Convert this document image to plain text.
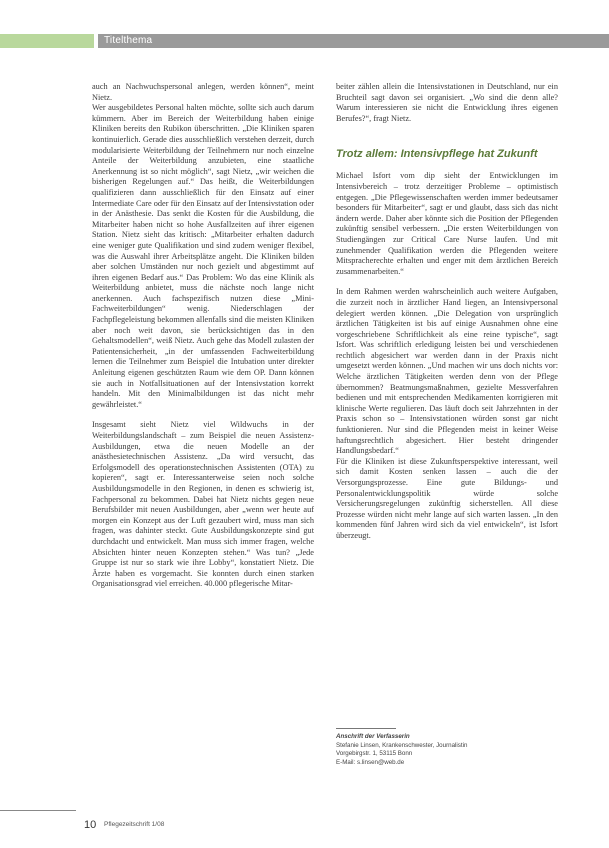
Titelthema

auch an Nachwuchspersonal anlegen, werden können“, meint Nietz.

Wer ausgebildetes Personal halten möchte, sollte sich auch darum kümmern. Aber im Bereich der Weiterbildung haben einige Kliniken bereits den Rubikon überschritten. „Die Kliniken sparen kontinuierlich. Gerade dies ausschließlich verstehen derzeit, durch modularisierte Weiterbildung der Teilnehmern nur noch einzelne Anteile der Weiterbildung anzubieten, eine staatliche Anerkennung ist so nicht möglich“, sagt Nietz, „wir weichen die bisherigen Regelungen auf.“ Das heißt, die Weiterbildungen qualifizieren dann ausschließlich für den Einsatz auf einer Intermediate Care oder für den Einsatz auf der Intensivstation oder in der Anästhesie. Das senkt die Kosten für die Ausbildung, die Mitarbeiter haben nicht so hohe Ausfallzeiten auf ihrer eigenen Station. Nietz sieht das kritisch: „Mitarbeiter erhalten dadurch eine weniger gute Qualifikation und sind zudem weniger flexibel, was die Auswahl ihrer Arbeitsplätze angeht. Die Kliniken bilden aber solchen Umständen nur noch gezielt und abgestimmt auf ihren eigenen Bedarf aus.“ Das Problem: Wo das eine Klinik als Weiterbildung anbietet, muss die nächste noch lange nicht anerkennen. Auch fachspezifisch nutzen diese „Mini-Fachweiterbildungen“ wenig. Niederschlagen der Fachpflegeleistung bekommen allenfalls sind die meisten Kliniken aber noch weit davon, sie berücksichtigen das in den Gehaltsmodellen“, weiß Nietz. Auch gehe das Modell zulasten der Patientensicherheit, „in der umfassenden Fachweiterbildung lernen die Teilnehmer zum Beispiel die Intubation unter direkter Anleitung eigenen geschützten Raum wie dem OP. Dann können sie auch in Notfallsituationen auf der Intensivstation korrekt handeln. Mit den Minimalbildungen ist das nicht mehr gewährleistet.“

Insgesamt sieht Nietz viel Wildwuchs in der Weiterbildungslandschaft – zum Beispiel die neuen Assistenz-Ausbildungen, etwa die neuen Modelle an der anästhesietechnischen Assistenz. „Da wird versucht, das Erfolgsmodell des operationstechnischen Assistenten (OTA) zu kopieren“, sagt er. Interessanterweise seien noch solche Ausbildungsmodelle in den Regionen, in denen es schwierig ist, Fachpersonal zu bekommen. Dabei hat Nietz nichts gegen neue Berufsbilder mit neuen Ausbildungen, aber „wenn wer heute auf morgen ein Konzept aus der Luft gezaubert wird, muss man sich fragen, was dahinter steckt. Gute Ausbildungskonzepte sind gut durchdacht und entwickelt. Man muss sich immer fragen, welche Absichten hinter neuen Konzepten stehen.“ Was tun? „Jede Gruppe ist nur so stark wie ihre Lobby“, konstatiert Nietz. Die Ärzte haben es vorgemacht. Sie konnten durch einen starken Organisationsgrad viel erreichen. 40.000 pflegerische Mitar-

beiter zählen allein die Intensivstationen in Deutschland, nur ein Bruchteil sagt davon sei organisiert. „Wo sind die denn alle? Warum interessieren sie nicht die Entwicklung ihres eigenen Berufes?“, fragt Nietz.

Trotz allem: Intensivpflege hat Zukunft

Michael Isfort vom dip sieht der Entwicklungen im Intensivbereich – trotz derzeitiger Probleme – optimistisch entgegen. „Die Pflegewissenschaften werden immer bedeutsamer besonders für Mitarbeiter“, sagt er und glaubt, dass sich das nicht ändern werde. Daher aber könnte sich die Position der Pflegenden zukünftig sensibel verbessern. „Die ersten Weiterbildungen von Studiengängen zur Critical Care Nurse laufen. Und mit zunehmender Qualifikation werden die Pflegenden weitere Mitspracherechte erhalten und enger mit dem ärztlichen Bereich zusammenarbeiten.“

In dem Rahmen werden wahrscheinlich auch weitere Aufgaben, die zurzeit noch in ärztlicher Hand liegen, an Intensivpersonal delegiert werden können. „Die Delegation von ursprünglich ärztlichen Tätigkeiten ist bis auf einige Ausnahmen ohne eine vorgeschriebene Schriftlichkeit als eine reine typische“, sagt Isfort. Was schriftlich erledigung leisten bei und verschiedenen rechtlich abgesichert war werden dann in der Praxis nicht umgesetzt werden können. „Und machen wir uns doch nichts vor: Welche ärztlichen Tätigkeiten werden denn von der Pflege übernommen? Beatmungsmaßnahmen, gezielte Messverfahren bedienen und mit entsprechenden Medikamenten korrigieren mit klinische Werte regulieren. Das läuft doch seit Jahrzehnten in der Praxis schon so – Intensivstationen würden sonst gar nicht funktionieren. Nur sind die Pflegenden meist in keiner Weise haftungsrechtlich abgesichert. Hier besteht dringender Handlungsbedarf.“

Für die Kliniken ist diese Zukunftsperspektive interessant, weil sich damit Kosten senken lassen – auch die der Versorgungsprozesse. Eine gute Bildungs- und Personalentwicklungspolitik würde solche Versicherungsregelungen zukünftig sicherstellen. All diese Prozesse würden nicht mehr lange auf sich warten lassen. „In den kommenden fünf Jahren wird sich da viel entwickeln“, ist Isfort überzeugt.

Anschrift der Verfasserin
Stefanie Linsen, Krankenschwester, Journalistin
Vorgebirgstr. 1, 53115 Bonn
E-Mail: s.linsen@web.de
10 Pflegezeitschrift 1/08
